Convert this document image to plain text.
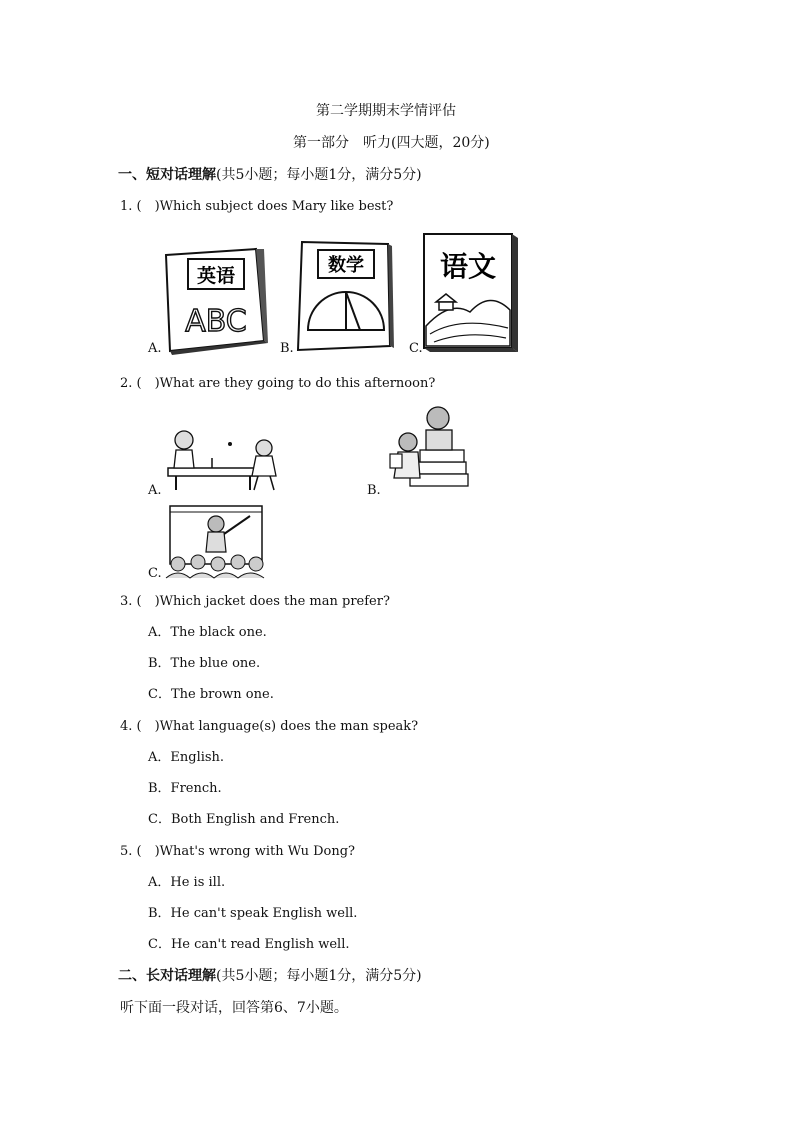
第二学期期末学情评估
第一部分　听力(四大题，20分)
一、短对话理解(共5小题；每小题1分，满分5分)
1. (　)Which subject does Mary like best?
英语
ABC
A.
数学
B.
语文
C.
2. (　)What are they going to do this afternoon?
A.	B.
C.
3. (　)Which jacket does the man prefer?
A．The black one.
B．The blue one.
C．The brown one.
4. (　)What language(s) does the man speak?
A．English.
B．French.
C．Both English and French.
5. (　)What's wrong with Wu Dong?
A．He is ill.
B．He can't speak English well.
C．He can't read English well.
二、长对话理解(共5小题；每小题1分，满分5分)
听下面一段对话，回答第6、7小题。
